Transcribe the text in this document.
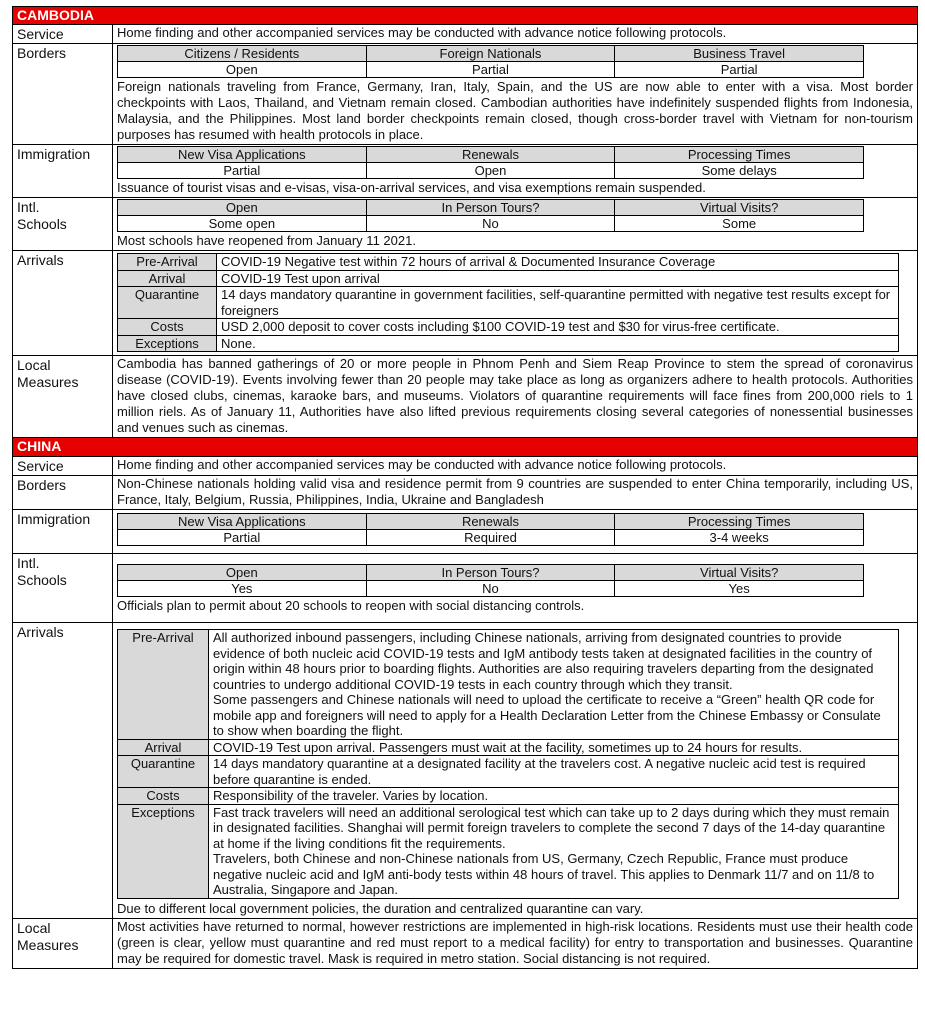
CAMBODIA
Service	Home finding and other accompanied services may be conducted with advance notice following protocols.
Borders	Citizens / Residents	Foreign Nationals	Business Travel
Open	Partial	Partial

Foreign nationals traveling from France, Germany, Iran, Italy, Spain, and the US are now able to enter with a visa. Most border checkpoints with Laos, Thailand, and Vietnam remain closed. Cambodian authorities have indefinitely suspended flights from Indonesia, Malaysia, and the Philippines. Most land border checkpoints remain closed, though cross-border travel with Vietnam for non-tourism purposes has resumed with health protocols in place.

Immigration	New Visa Applications	Renewals	Processing Times
Partial	Open	Some delays

Issuance of tourist visas and e-visas, visa-on-arrival services, and visa exemptions remain suspended.

Intl.
Schools
Open	In Person Tours?	Virtual Visits?
Some open	No	Some

Most schools have reopened from January 11 2021.

Arrivals	Pre-Arrival	COVID-19 Negative test within 72 hours of arrival & Documented Insurance Coverage
Arrival	COVID-19 Test upon arrival
Quarantine	14 days mandatory quarantine in government facilities, self-quarantine permitted with negative test results except for foreigners
Costs	USD 2,000 deposit to cover costs including $100 COVID-19 test and $30 for virus-free certificate.
Exceptions	None.
Local
Measures
Cambodia has banned gatherings of 20 or more people in Phnom Penh and Siem Reap Province to stem the spread of coronavirus disease (COVID-19). Events involving fewer than 20 people may take place as long as organizers adhere to health protocols. Authorities have closed clubs, cinemas, karaoke bars, and museums. Violators of quarantine requirements will face fines from 200,000 riels to 1 million riels. As of January 11, Authorities have also lifted previous requirements closing several categories of nonessential businesses and venues such as cinemas.
CHINA
Service	Home finding and other accompanied services may be conducted with advance notice following protocols.
Borders	Non-Chinese nationals holding valid visa and residence permit from 9 countries are suspended to enter China temporarily, including US, France, Italy, Belgium, Russia, Philippines, India, Ukraine and Bangladesh
Immigration	New Visa Applications	Renewals	Processing Times
Partial	Required	3-4 weeks
Intl.
Schools	Open	In Person Tours?	Virtual Visits?
Yes	No	Yes

Officials plan to permit about 20 schools to reopen with social distancing controls.

Arrivals	Pre-Arrival	All authorized inbound passengers, including Chinese nationals, arriving from designated countries to provide evidence of both nucleic acid COVID-19 tests and IgM antibody tests taken at designated facilities in the country of origin within 48 hours prior to boarding flights. Authorities are also requiring travelers departing from the designated countries to undergo additional COVID-19 tests in each country through which they transit.

Some passengers and Chinese nationals will need to upload the certificate to receive a “Green” health QR code for mobile app and foreigners will need to apply for a Health Declaration Letter from the Chinese Embassy or Consulate to show when boarding the flight.

Arrival	COVID-19 Test upon arrival. Passengers must wait at the facility, sometimes up to 24 hours for results.
Quarantine	14 days mandatory quarantine at a designated facility at the travelers cost. A negative nucleic acid test is required before quarantine is ended.
Costs	Responsibility of the traveler. Varies by location.
Exceptions	Fast track travelers will need an additional serological test which can take up to 2 days during which they must remain in designated facilities. Shanghai will permit foreign travelers to complete the second 7 days of the 14-day quarantine at home if the living conditions fit the requirements.

Travelers, both Chinese and non-Chinese nationals from US, Germany, Czech Republic, France must produce negative nucleic acid and IgM anti-body tests within 48 hours of travel. This applies to Denmark 11/7 and on 11/8 to Australia, Singapore and Japan.

Due to different local government policies, the duration and centralized quarantine can vary.

Local
Measures
Most activities have returned to normal, however restrictions are implemented in high-risk locations. Residents must use their health code (green is clear, yellow must quarantine and red must report to a medical facility) for entry to transportation and businesses. Quarantine may be required for domestic travel. Mask is required in metro station. Social distancing is not required.
